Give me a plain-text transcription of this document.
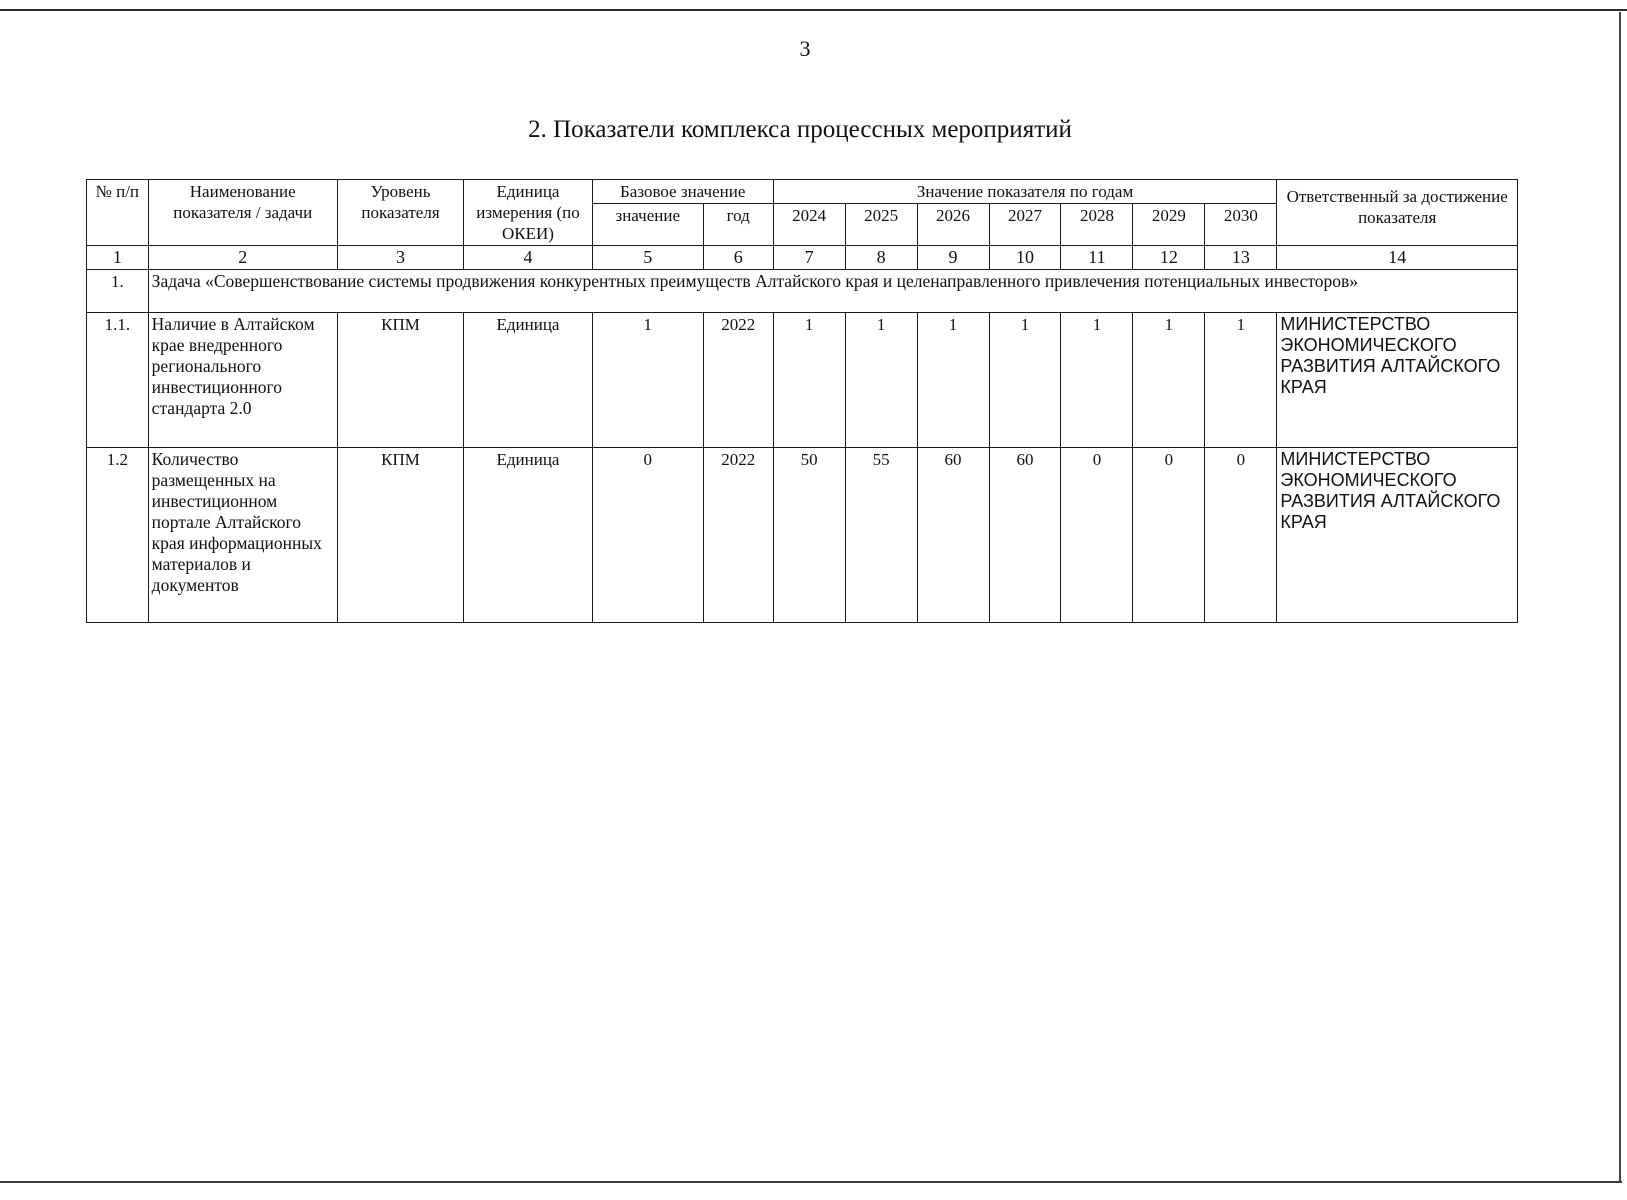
3
2. Показатели комплекса процессных мероприятий
№ п/п	Наименование показателя / задачи	Уровень показателя	Единица измерения (по ОКЕИ)	Базовое значение		Значение показателя по годам							Ответственный за достижение показателя
				значение	год	2024	2025	2026	2027	2028	2029	2030	
1	2	3	4	5	6	7	8	9	10	11	12	13	14
1.	Задача «Совершенствование системы продвижения конкурентных преимуществ Алтайского края и целенаправленного привлечения потенциальных инвесторов»												
1.1.	Наличие в Алтайском крае внедренного регионального инвестиционного стандарта 2.0	КПМ	Единица	1	2022	1	1	1	1	1	1	1	МИНИСТЕРСТВО ЭКОНОМИЧЕСКОГО РАЗВИТИЯ АЛТАЙСКОГО КРАЯ
1.2	Количество размещенных на инвестиционном портале Алтайского края информационных материалов и документов	КПМ	Единица	0	2022	50	55	60	60	0	0	0	МИНИСТЕРСТВО ЭКОНОМИЧЕСКОГО РАЗВИТИЯ АЛТАЙСКОГО КРАЯ
